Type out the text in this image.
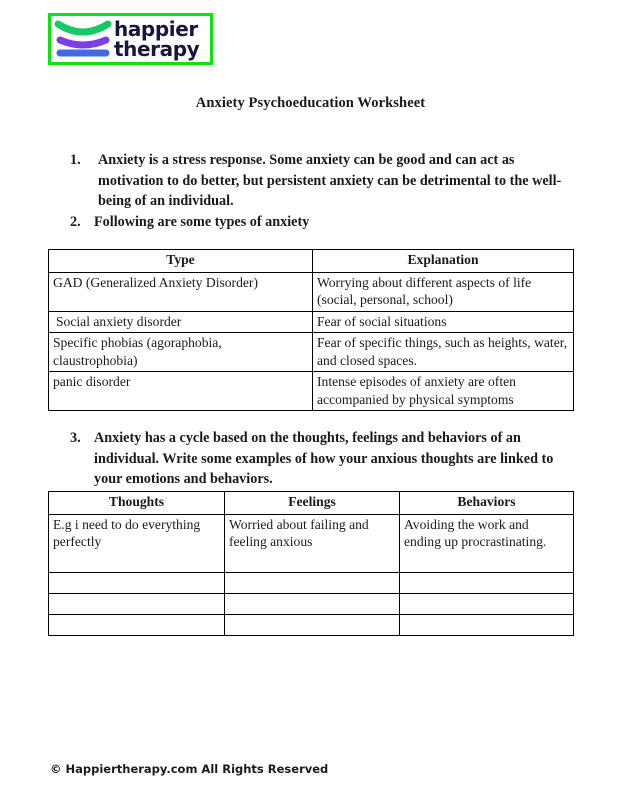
happier
therapy
Anxiety Psychoeducation Worksheet
1.	Anxiety is a stress response. Some anxiety can be good and can act as motivation to do better, but persistent anxiety can be detrimental to the well-being of an individual.
2. Following are some types of anxiety
Type	Explanation
GAD (Generalized Anxiety Disorder)	Worrying about different aspects of life (social, personal, school)
Social anxiety disorder	Fear of social situations
Specific phobias (agoraphobia, claustrophobia)	Fear of specific things, such as heights, water, and closed spaces.
panic disorder	Intense episodes of anxiety are often accompanied by physical symptoms
3. Anxiety has a cycle based on the thoughts, feelings and behaviors of an individual. Write some examples of how your anxious thoughts are linked to your emotions and behaviors.
Thoughts	Feelings	Behaviors
E.g i need to do everything perfectly	Worried about failing and feeling anxious	Avoiding the work and ending up procrastinating.

© Happiertherapy.com All Rights Reserved
